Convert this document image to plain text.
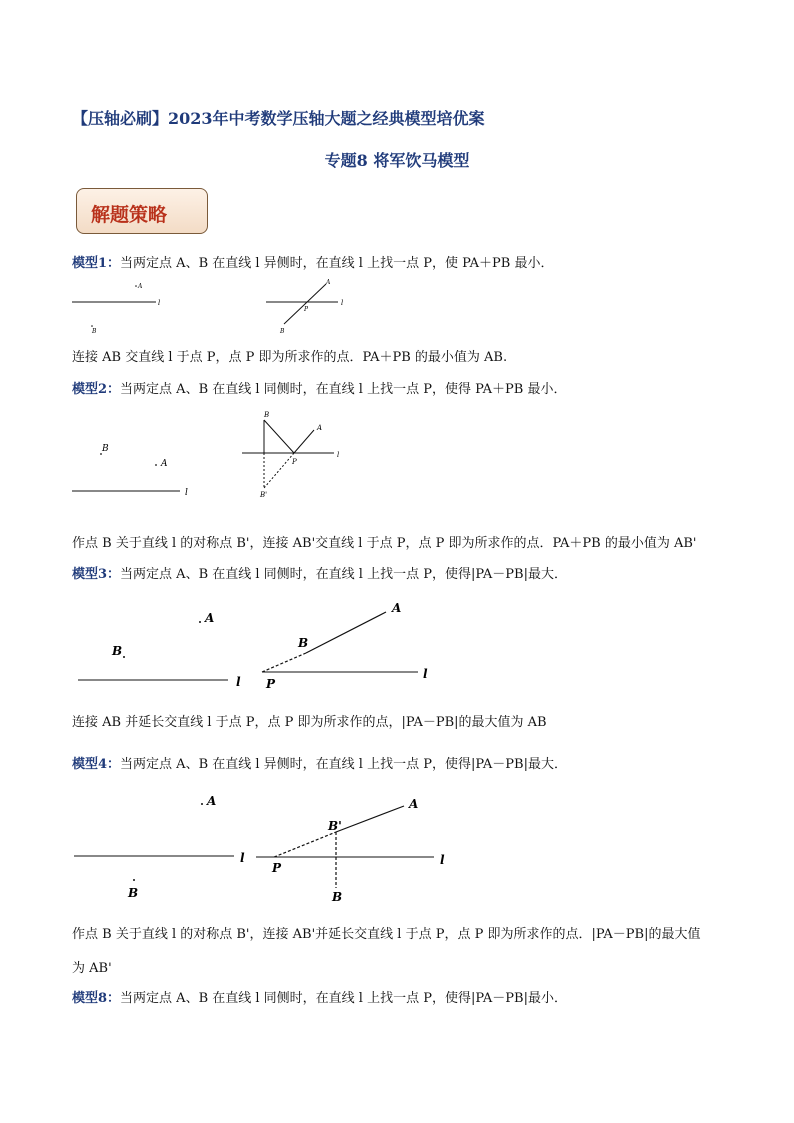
【压轴必刷】2023年中考数学压轴大题之经典模型培优案
专题8 将军饮马模型
解题策略
模型1：当两定点 A、B 在直线 l 异侧时，在直线 l 上找一点 P，使 PA＋PB 最小．
l
A
B
l
A
B
P
连接 AB 交直线 l 于点 P，点 P 即为所求作的点．PA＋PB 的最小值为 AB.
模型2：当两定点 A、B 在直线 l 同侧时，在直线 l 上找一点 P，使得 PA＋PB 最小．
B
A
l
l
B
A
P
B'
作点 B 关于直线 l 的对称点 B'，连接 AB'交直线 l 于点 P，点 P 即为所求作的点．PA＋PB 的最小值为 AB'
模型3：当两定点 A、B 在直线 l 同侧时，在直线 l 上找一点 P，使得|PA－PB|最大．
A
B
l
l
A
B
P
连接 AB 并延长交直线 l 于点 P，点 P 即为所求作的点，|PA－PB|的最大值为 AB
模型4：当两定点 A、B 在直线 l 异侧时，在直线 l 上找一点 P，使得|PA－PB|最大．
A
l
B
l
A
B'
P
B
作点 B 关于直线 l 的对称点 B'，连接 AB'并延长交直线 l 于点 P，点 P 即为所求作的点．|PA－PB|的最大值
为 AB'
模型8：当两定点 A、B 在直线 l 同侧时，在直线 l 上找一点 P，使得|PA－PB|最小．
